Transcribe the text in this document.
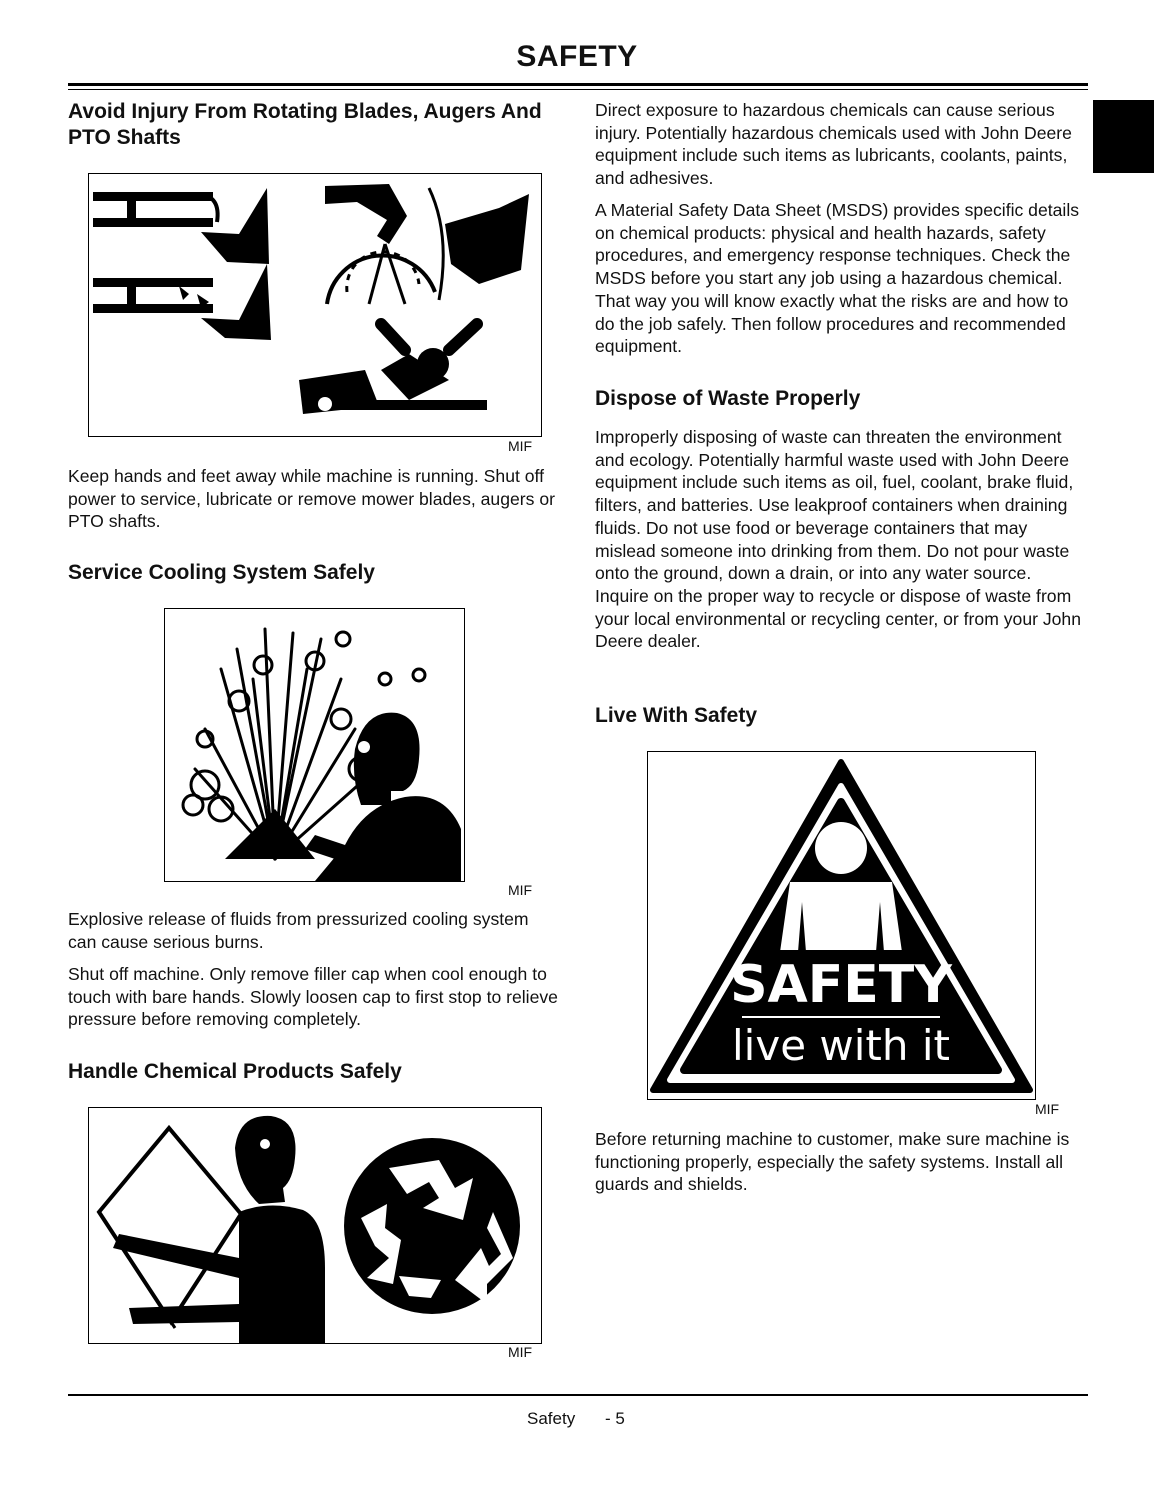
SAFETY
Avoid Injury From Rotating Blades, Augers And PTO Shafts
MIF

Keep hands and feet away while machine is running. Shut off power to service, lubricate or remove mower blades, augers or PTO shafts.

Service Cooling System Safely
MIF

Explosive release of fluids from pressurized cooling system can cause serious burns.

Shut off machine. Only remove filler cap when cool enough to touch with bare hands. Slowly loosen cap to first stop to relieve pressure before removing completely.

Handle Chemical Products Safely
MIF

Direct exposure to hazardous chemicals can cause serious injury. Potentially hazardous chemicals used with John Deere equipment include such items as lubricants, coolants, paints, and adhesives.

A Material Safety Data Sheet (MSDS) provides specific details on chemical products: physical and health hazards, safety procedures, and emergency response techniques. Check the MSDS before you start any job using a hazardous chemical. That way you will know exactly what the risks are and how to do the job safely. Then follow procedures and recommended equipment.

Dispose of Waste Properly

Improperly disposing of waste can threaten the environment and ecology. Potentially harmful waste used with John Deere equipment include such items as oil, fuel, coolant, brake fluid, filters, and batteries. Use leakproof containers when draining fluids. Do not use food or beverage containers that may mislead someone into drinking from them. Do not pour waste onto the ground, down a drain, or into any water source. Inquire on the proper way to recycle or dispose of waste from your local environmental or recycling center, or from your John Deere dealer.

Live With Safety
SAFETY
live with it
MIF

Before returning machine to customer, make sure machine is functioning properly, especially the safety systems. Install all guards and shields.

Safety - 5
